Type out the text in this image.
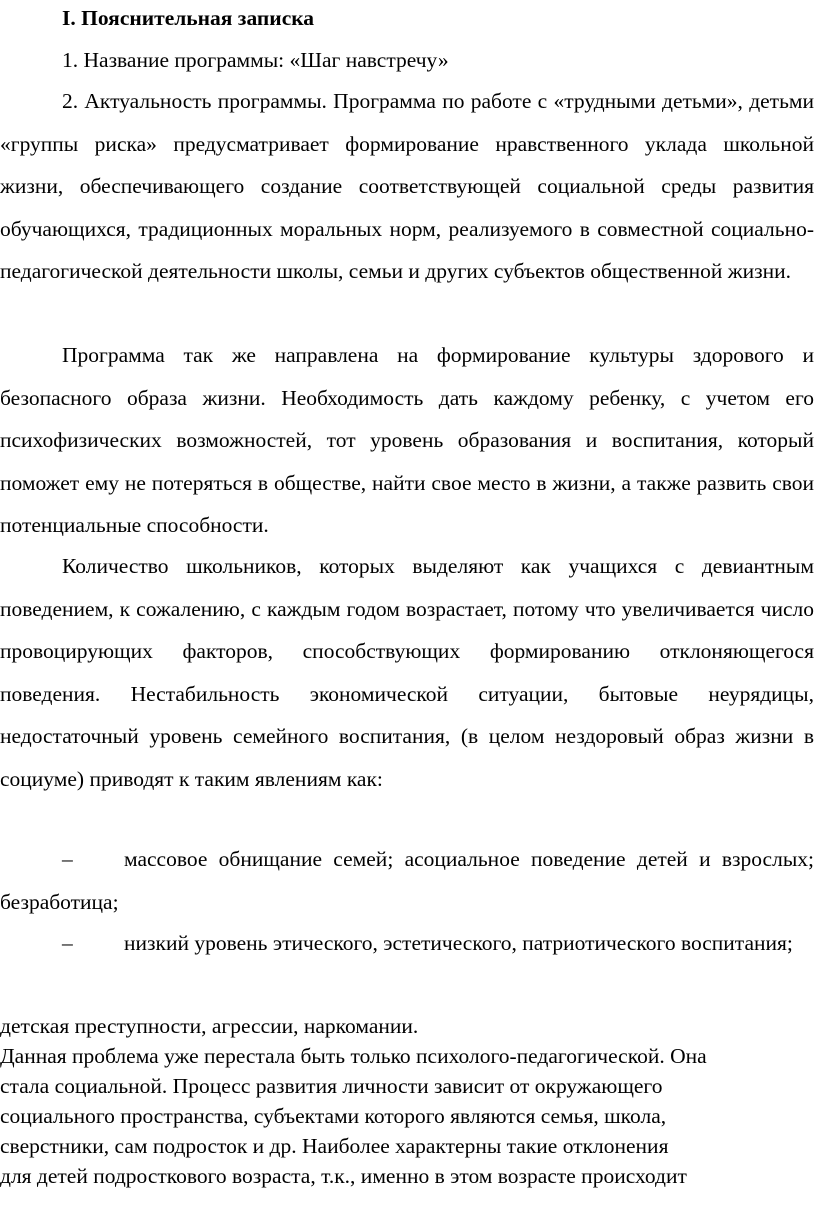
I. Пояснительная записка
1. Название программы: «Шаг навстречу»
2. Актуальность программы. Программа по работе с «трудными детьми», детьми «группы риска» предусматривает формирование нравственного уклада школьной жизни, обеспечивающего создание соответствующей социальной среды развития обучающихся, традиционных моральных норм, реализуемого в совместной социально-педагогической деятельности школы, семьи и других субъектов общественной жизни.
Программа так же направлена на формирование культуры здорового и безопасного образа жизни. Необходимость дать каждому ребенку, с учетом его психофизических возможностей, тот уровень образования и воспитания, который поможет ему не потеряться в обществе, найти свое место в жизни, а также развить свои потенциальные способности.
Количество школьников, которых выделяют как учащихся с девиантным поведением, к сожалению, с каждым годом возрастает, потому что увеличивается число провоцирующих факторов, способствующих формированию отклоняющегося поведения. Нестабильность экономической ситуации, бытовые неурядицы, недостаточный уровень семейного воспитания, (в целом нездоровый образ жизни в социуме) приводят к таким явлениям как:
– массовое обнищание семей; асоциальное поведение детей и взрослых; безработица;
– низкий уровень этического, эстетического, патриотического воспитания;
детская преступности, агрессии, наркомании.
Данная проблема уже перестала быть только психолого-педагогической. Она
стала социальной. Процесс развития личности зависит от окружающего
социального пространства, субъектами которого являются семья, школа,
сверстники, сам подросток и др. Наиболее характерны такие отклонения
для детей подросткового возраста, т.к., именно в этом возрасте происходит
